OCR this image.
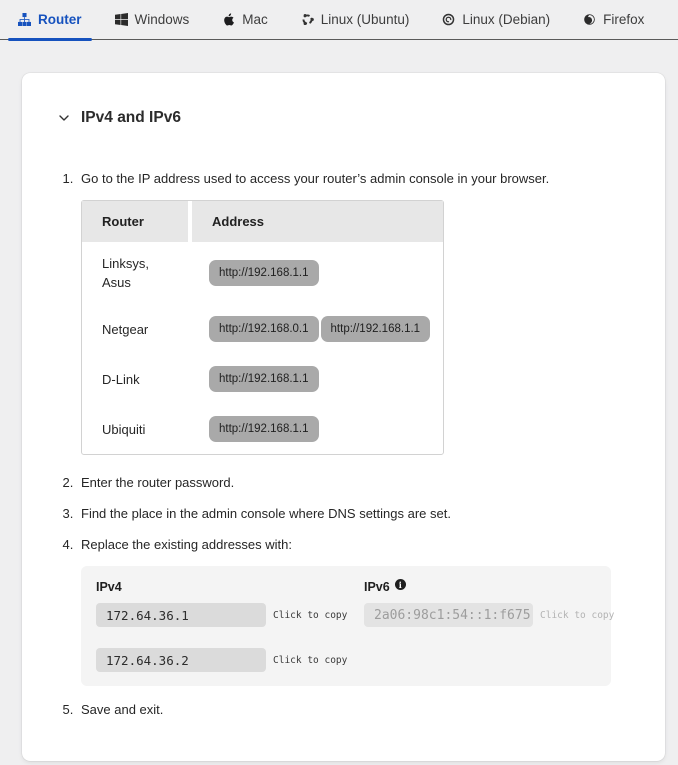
Router	Windows	Mac	Linux (Ubuntu)	Linux (Debian)	Firefox
IPv4 and IPv6
1. Go to the IP address used to access your router’s admin console in your browser.
Router	Address
Linksys, Asus	http://192.168.1.1

Netgear	http://192.168.0.1 http://192.168.1.1

D-Link	http://192.168.1.1

Ubiquiti	http://192.168.1.1
2. Enter the router password.
3. Find the place in the admin console where DNS settings are set.
4. Replace the existing addresses with:
IPv4
172.64.36.1	Click to copy
172.64.36.2	Click to copy
IPv6	i
2a06:98c1:54::1:f675 Click to copy
5. Save and exit.
